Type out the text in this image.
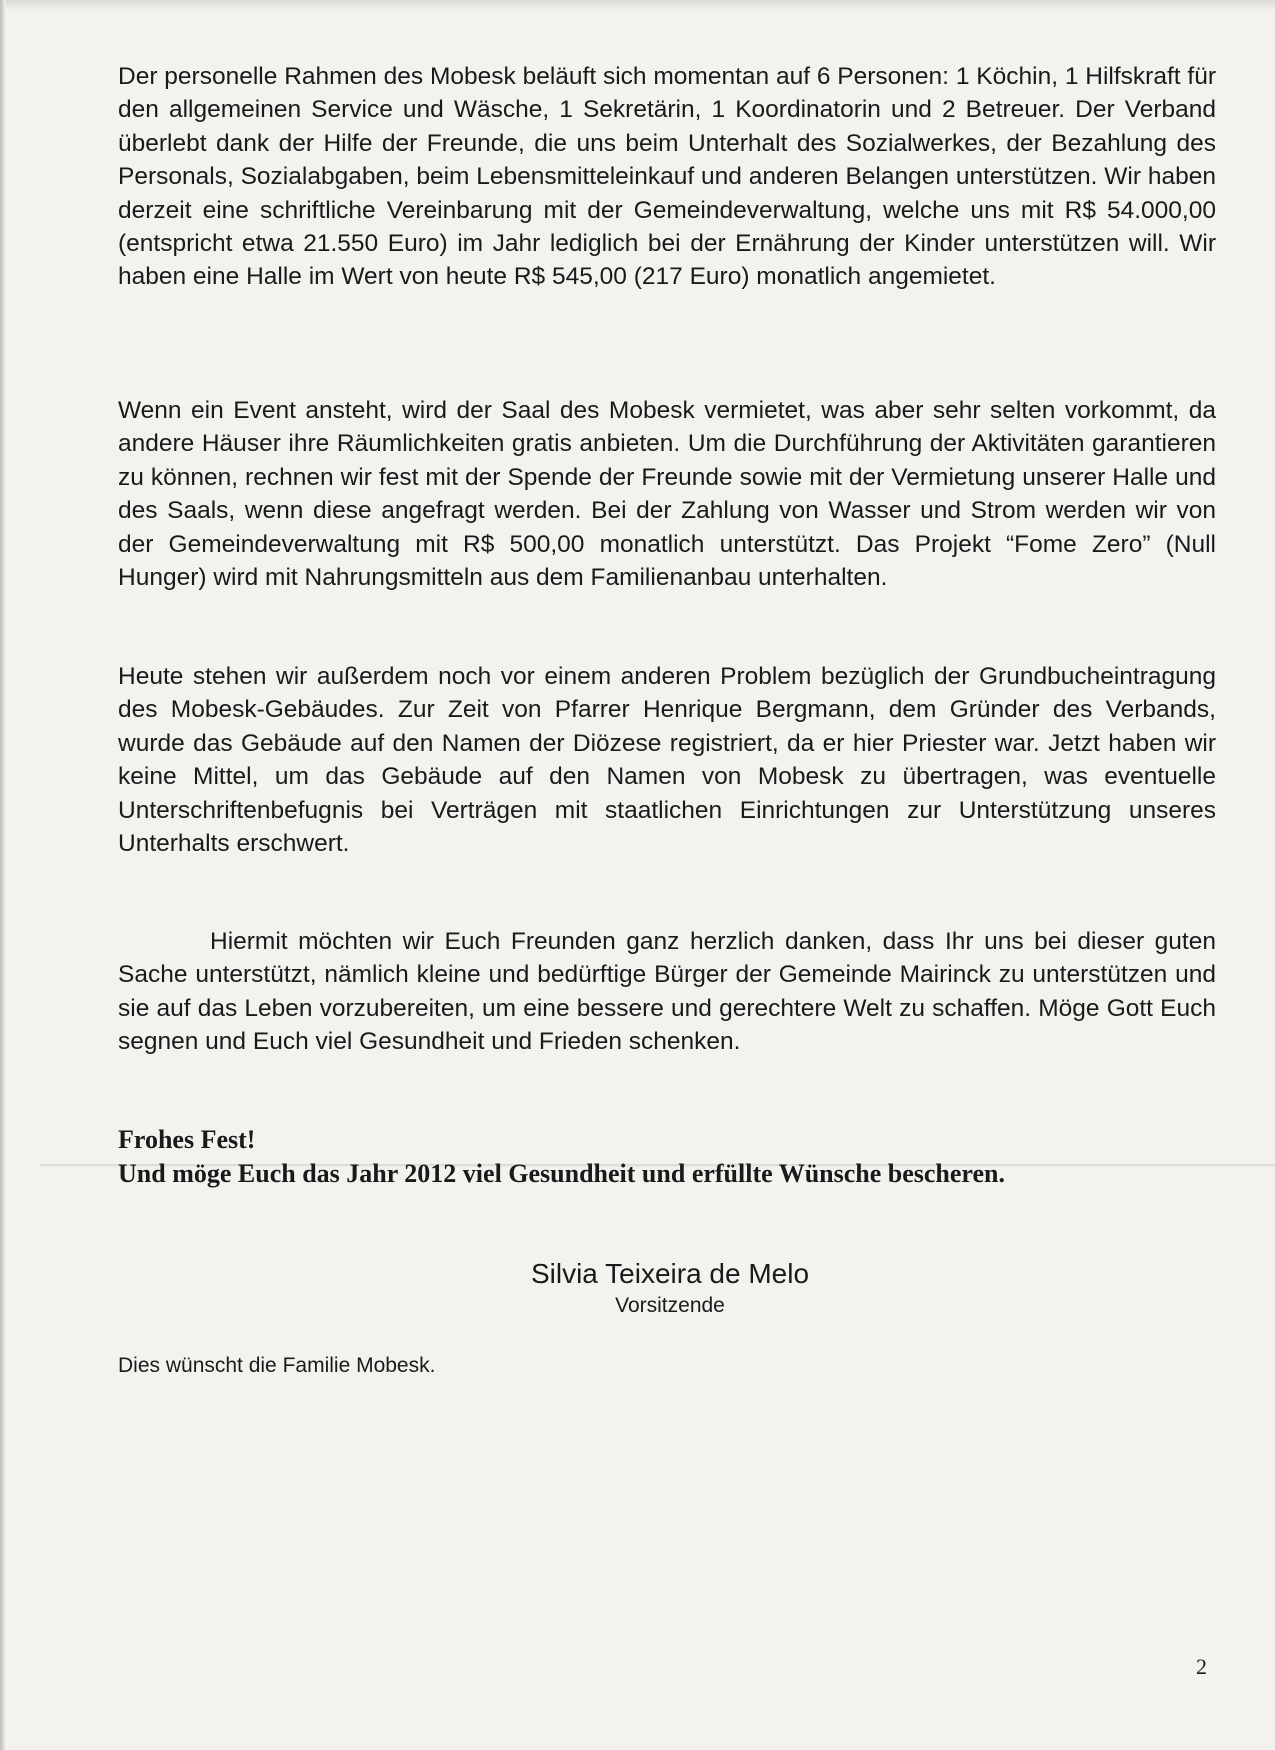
Der personelle Rahmen des Mobesk beläuft sich momentan auf 6 Personen: 1 Köchin, 1 Hilfskraft für den allgemeinen Service und Wäsche, 1 Sekretärin, 1 Koordinatorin und 2 Betreuer. Der Verband überlebt dank der Hilfe der Freunde, die uns beim Unterhalt des Sozialwerkes, der Bezahlung des Personals, Sozialabgaben, beim Lebensmitteleinkauf und anderen Belangen unterstützen. Wir haben derzeit eine schriftliche Vereinbarung mit der Gemeindeverwaltung, welche uns mit R$ 54.000,00 (entspricht etwa 21.550 Euro) im Jahr lediglich bei der Ernährung der Kinder unterstützen will. Wir haben eine Halle im Wert von heute R$ 545,00 (217 Euro) monatlich angemietet.

Wenn ein Event ansteht, wird der Saal des Mobesk vermietet, was aber sehr selten vorkommt, da andere Häuser ihre Räumlichkeiten gratis anbieten. Um die Durchführung der Aktivitäten garantieren zu können, rechnen wir fest mit der Spende der Freunde sowie mit der Vermietung unserer Halle und des Saals, wenn diese angefragt werden. Bei der Zahlung von Wasser und Strom werden wir von der Gemeindeverwaltung mit R$ 500,00 monatlich unterstützt. Das Projekt “Fome Zero” (Null Hunger) wird mit Nahrungsmitteln aus dem Familienanbau unterhalten.

Heute stehen wir außerdem noch vor einem anderen Problem bezüglich der Grundbucheintragung des Mobesk-Gebäudes. Zur Zeit von Pfarrer Henrique Bergmann, dem Gründer des Verbands, wurde das Gebäude auf den Namen der Diözese registriert, da er hier Priester war. Jetzt haben wir keine Mittel, um das Gebäude auf den Namen von Mobesk zu übertragen, was eventuelle Unterschriftenbefugnis bei Verträgen mit staatlichen Einrichtungen zur Unterstützung unseres Unterhalts erschwert.

Hiermit möchten wir Euch Freunden ganz herzlich danken, dass Ihr uns bei dieser guten Sache unterstützt, nämlich kleine und bedürftige Bürger der Gemeinde Mairinck zu unterstützen und sie auf das Leben vorzubereiten, um eine bessere und gerechtere Welt zu schaffen. Möge Gott Euch segnen und Euch viel Gesundheit und Frieden schenken.

Frohes Fest!

Und möge Euch das Jahr 2012 viel Gesundheit und erfüllte Wünsche bescheren.

Silvia Teixeira de Melo
Vorsitzende
Dies wünscht die Familie Mobesk.
2
